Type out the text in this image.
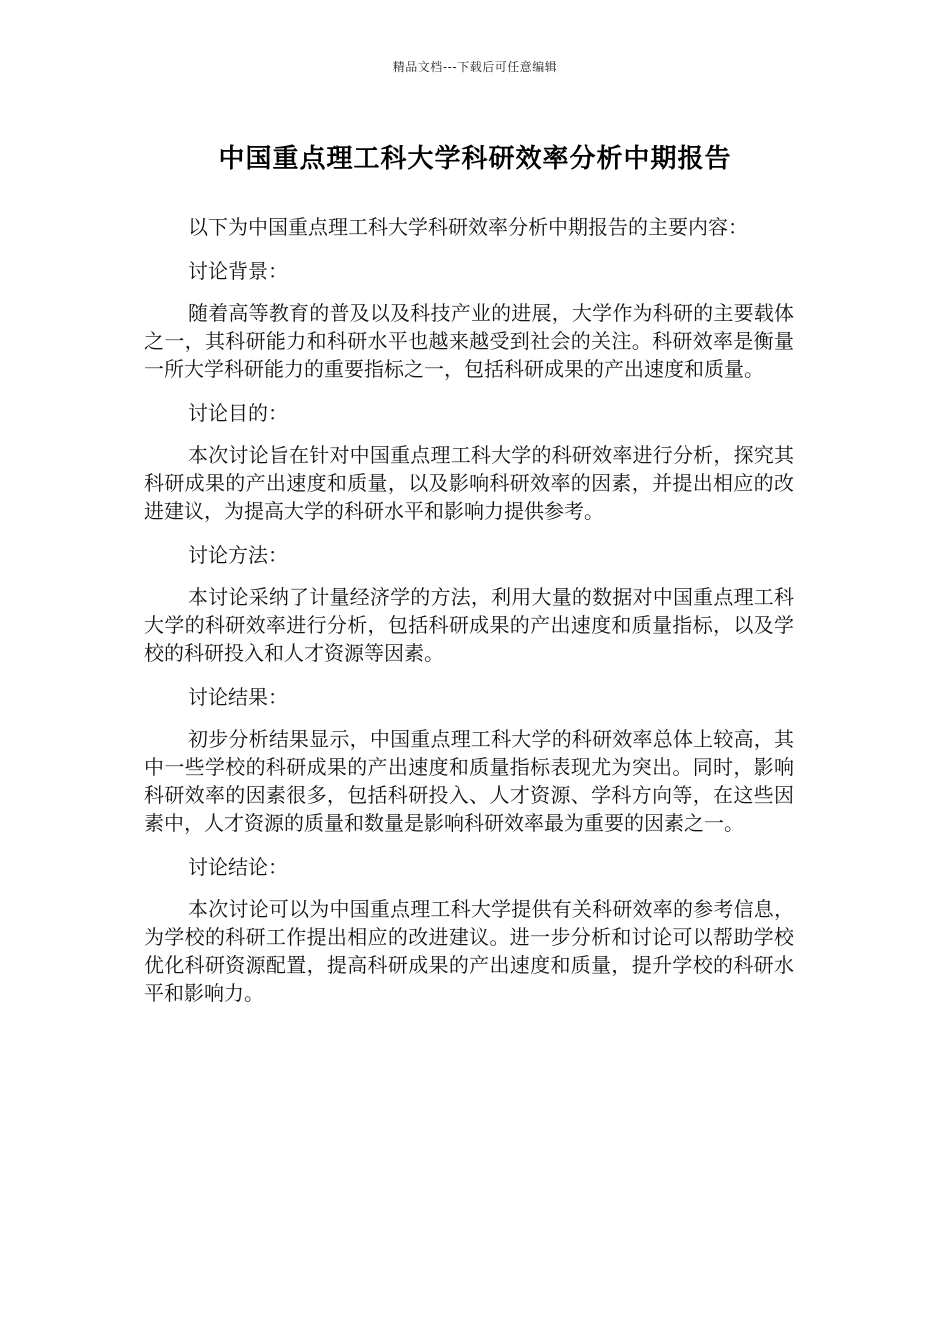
精品文档---下载后可任意编辑
中国重点理工科大学科研效率分析中期报告

以下为中国重点理工科大学科研效率分析中期报告的主要内容：

讨论背景：

随着高等教育的普及以及科技产业的进展，大学作为科研的主要载体之一，其科研能力和科研水平也越来越受到社会的关注。科研效率是衡量一所大学科研能力的重要指标之一，包括科研成果的产出速度和质量。

讨论目的：

本次讨论旨在针对中国重点理工科大学的科研效率进行分析，探究其科研成果的产出速度和质量，以及影响科研效率的因素，并提出相应的改进建议，为提高大学的科研水平和影响力提供参考。

讨论方法：

本讨论采纳了计量经济学的方法，利用大量的数据对中国重点理工科大学的科研效率进行分析，包括科研成果的产出速度和质量指标，以及学校的科研投入和人才资源等因素。

讨论结果：

初步分析结果显示，中国重点理工科大学的科研效率总体上较高，其中一些学校的科研成果的产出速度和质量指标表现尤为突出。同时，影响科研效率的因素很多，包括科研投入、人才资源、学科方向等，在这些因素中，人才资源的质量和数量是影响科研效率最为重要的因素之一。

讨论结论：

本次讨论可以为中国重点理工科大学提供有关科研效率的参考信息，为学校的科研工作提出相应的改进建议。进一步分析和讨论可以帮助学校优化科研资源配置，提高科研成果的产出速度和质量，提升学校的科研水平和影响力。
